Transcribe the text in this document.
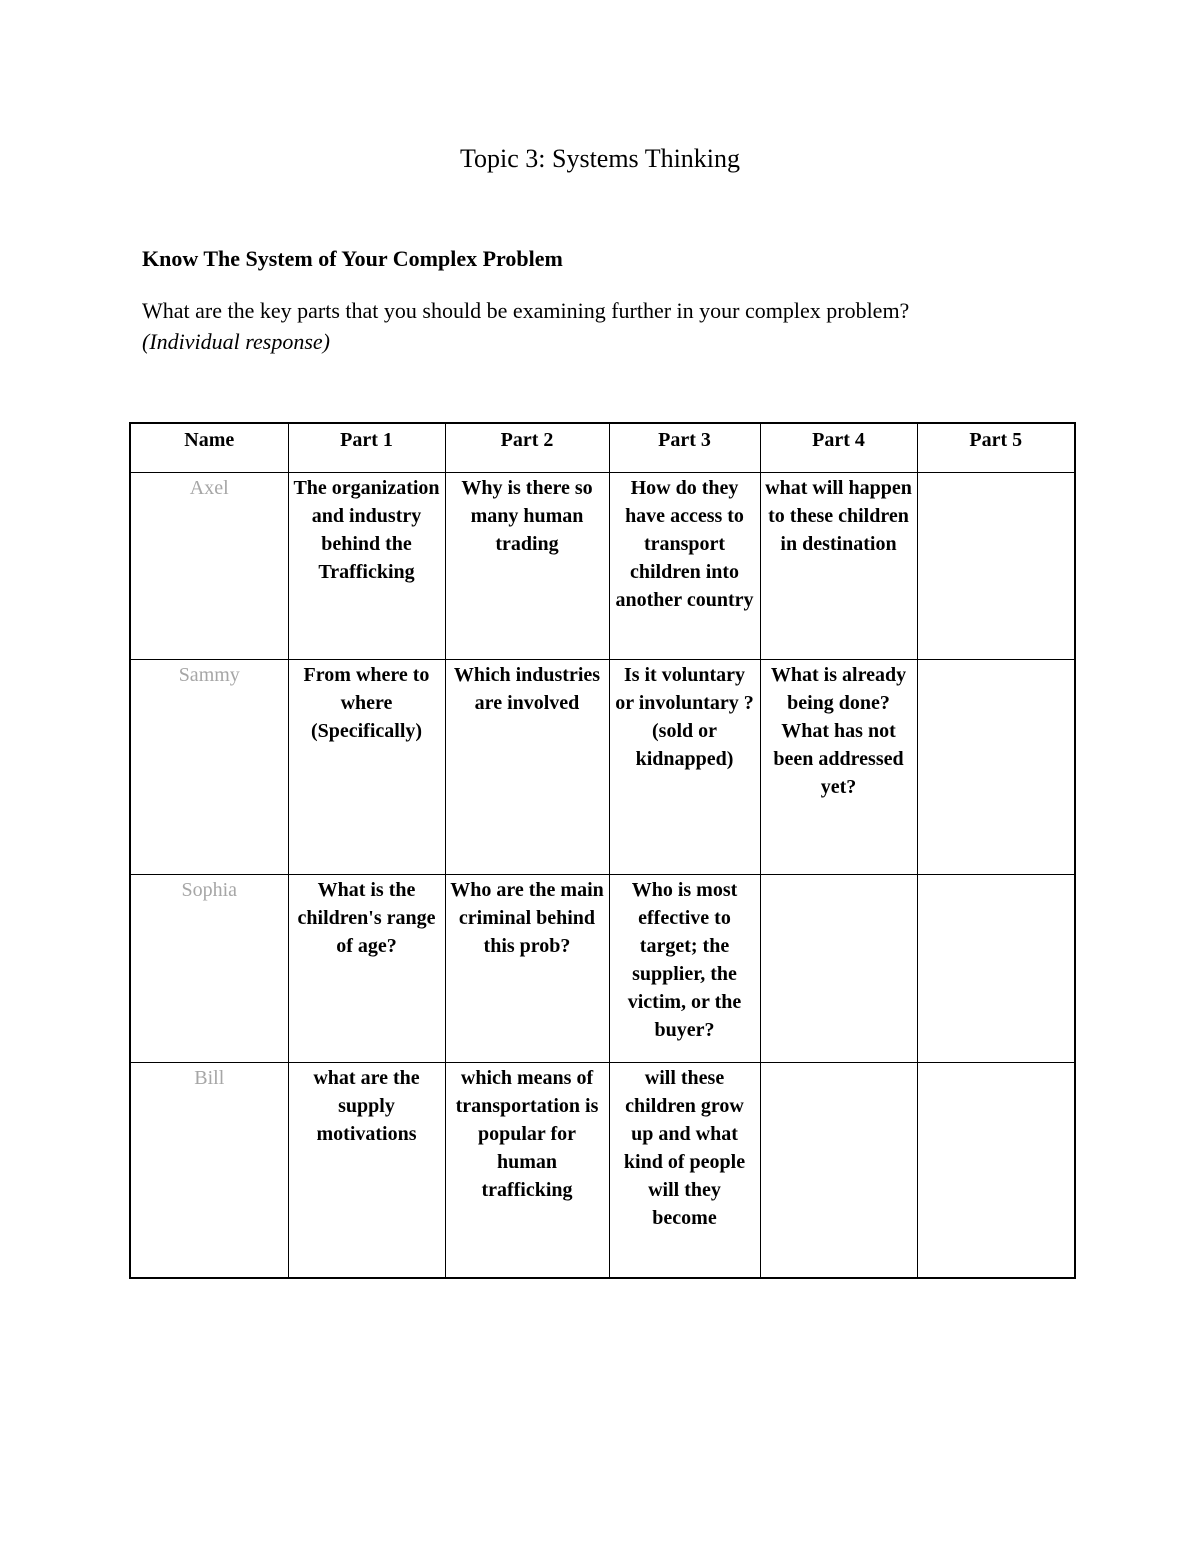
Topic 3: Systems Thinking
Know The System of Your Complex Problem
What are the key parts that you should be examining further in your complex problem?
(Individual response)
Name	Part 1	Part 2	Part 3	Part 4	Part 5
Axel	The organization and industry behind the Trafficking	Why is there so many human trading	How do they have access to transport children into another country	what will happen to these children in destination	
Sammy	From where to where (Specifically)	Which industries are involved	Is it voluntary or involuntary ? (sold or kidnapped)	What is already being done? What has not been addressed yet?	
Sophia	What is the children's range of age?	Who are the main criminal behind this prob?	Who is most effective to target; the supplier, the victim, or the buyer?		
Bill	what are the supply motivations	which means of transportation is popular for human trafficking	will these children grow up and what kind of people will they become		
